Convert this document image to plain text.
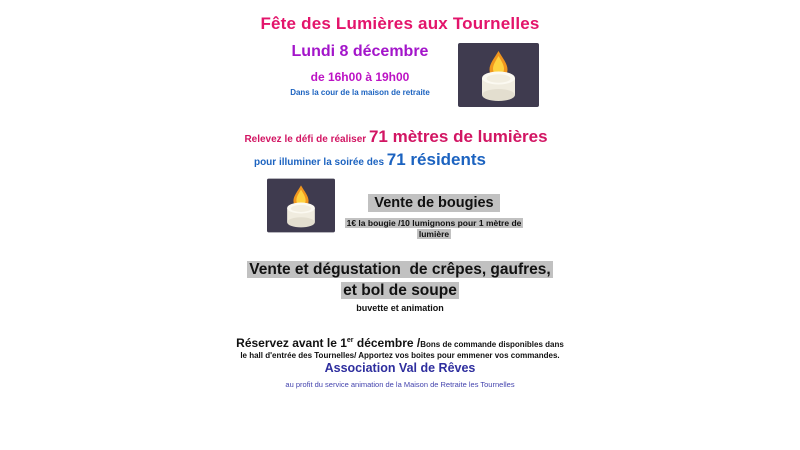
Fête des Lumières aux Tournelles
Lundi 8 décembre
de 16h00 à 19h00
Dans la cour de la maison de retraite
Relevez le défi de réaliser 71 mètres de lumières
pour illuminer la soirée des 71 résidents
Vente de bougies
1€ la bougie /10 lumignons pour 1 mètre de
lumière
Vente et dégustation  de crêpes, gaufres,
et bol de soupe
buvette et animation
Réservez avant le 1er décembre /Bons de commande disponibles dans
le hall d'entrée des Tournelles/ Apportez vos boites pour emmener vos commandes.
Association Val de Rêves
au profit du service animation de la Maison de Retraite les Tournelles
